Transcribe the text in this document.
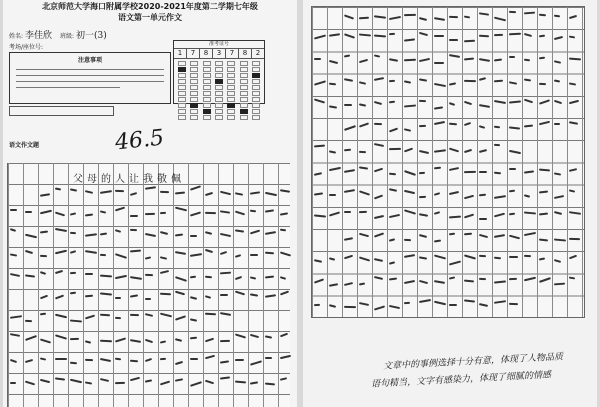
北京师范大学海口附属学校2020-2021年度第二学期七年级
语文第一单元作文
姓名: 李佳欣 班级: 初一(3)
考场/座位号:
注意事项
准考证号
1	7	8	3	7	8	2
46.5
语文作文题
父母的人让我敬佩
文章中的事例选择十分有意，体现了人物品质
语句精当，文字有感染力，体现了细腻的情感
